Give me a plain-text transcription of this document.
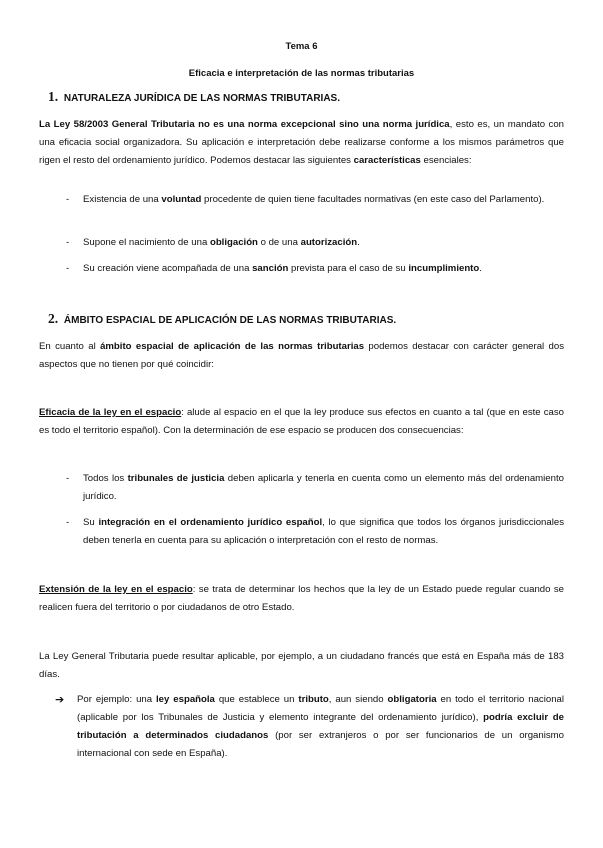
Tema 6
Eficacia e interpretación de las normas tributarias
1. NATURALEZA JURÍDICA DE LAS NORMAS TRIBUTARIAS.
La Ley 58/2003 General Tributaria no es una norma excepcional sino una norma jurídica, esto es, un mandato con una eficacia social organizadora. Su aplicación e interpretación debe realizarse conforme a los mismos parámetros que rigen el resto del ordenamiento jurídico. Podemos destacar las siguientes características esenciales:
- Existencia de una voluntad procedente de quien tiene facultades normativas (en este caso del Parlamento).
- Supone el nacimiento de una obligación o de una autorización.
- Su creación viene acompañada de una sanción prevista para el caso de su incumplimiento.
2. ÁMBITO ESPACIAL DE APLICACIÓN DE LAS NORMAS TRIBUTARIAS.
En cuanto al ámbito espacial de aplicación de las normas tributarias podemos destacar con carácter general dos aspectos que no tienen por qué coincidir:
Eficacia de la ley en el espacio: alude al espacio en el que la ley produce sus efectos en cuanto a tal (que en este caso es todo el territorio español). Con la determinación de ese espacio se producen dos consecuencias:
- Todos los tribunales de justicia deben aplicarla y tenerla en cuenta como un elemento más del ordenamiento jurídico.
- Su integración en el ordenamiento jurídico español, lo que significa que todos los órganos jurisdiccionales deben tenerla en cuenta para su aplicación o interpretación con el resto de normas.
Extensión de la ley en el espacio: se trata de determinar los hechos que la ley de un Estado puede regular cuando se realicen fuera del territorio o por ciudadanos de otro Estado.
La Ley General Tributaria puede resultar aplicable, por ejemplo, a un ciudadano francés que está en España más de 183 días.
➔ Por ejemplo: una ley española que establece un tributo, aun siendo obligatoria en todo el territorio nacional (aplicable por los Tribunales de Justicia y elemento integrante del ordenamiento jurídico), podría excluir de tributación a determinados ciudadanos (por ser extranjeros o por ser funcionarios de un organismo internacional con sede en España).
